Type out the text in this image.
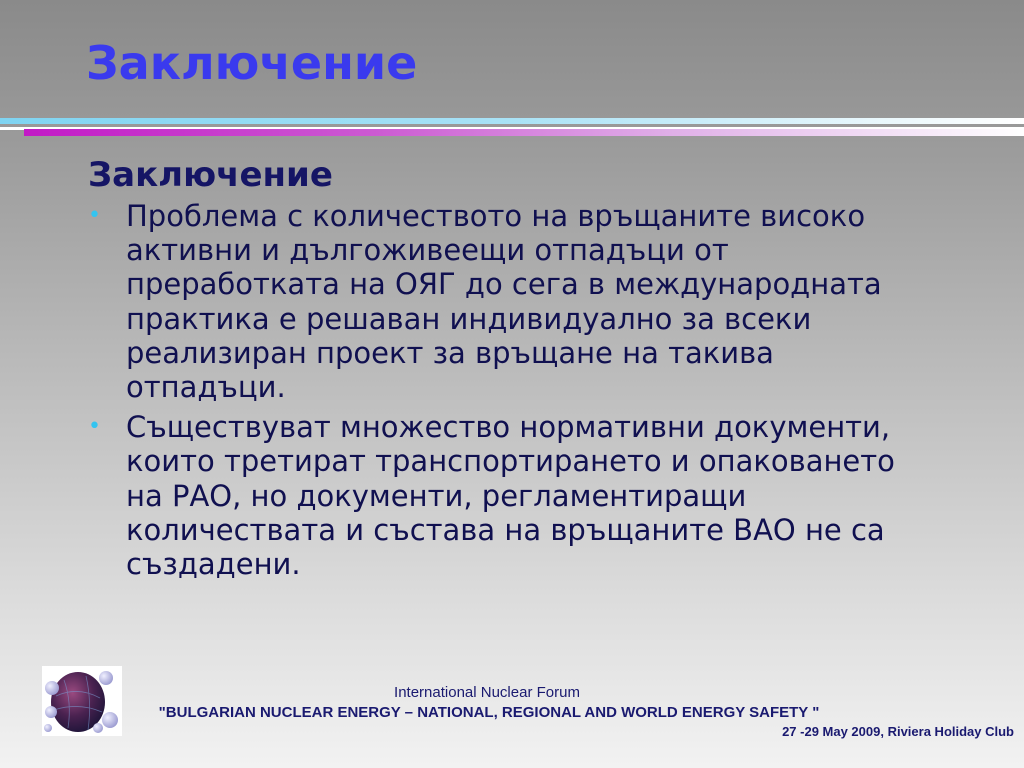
Заключение
Заключение
• Проблема с количеството на връщаните високо активни и дългоживеещи отпадъци от преработката на ОЯГ до сега в международната практика е решаван индивидуално за всеки реализиран проект за връщане на такива отпадъци.
• Съществуват множество нормативни документи, които третират транспортирането и опаковането на РАО, но документи, регламентиращи количествата и състава на връщаните ВАО не са създадени.
International Nuclear Forum
"BULGARIAN NUCLEAR ENERGY – NATIONAL, REGIONAL AND WORLD ENERGY SAFETY "
27 -29 May 2009, Riviera Holiday Club
